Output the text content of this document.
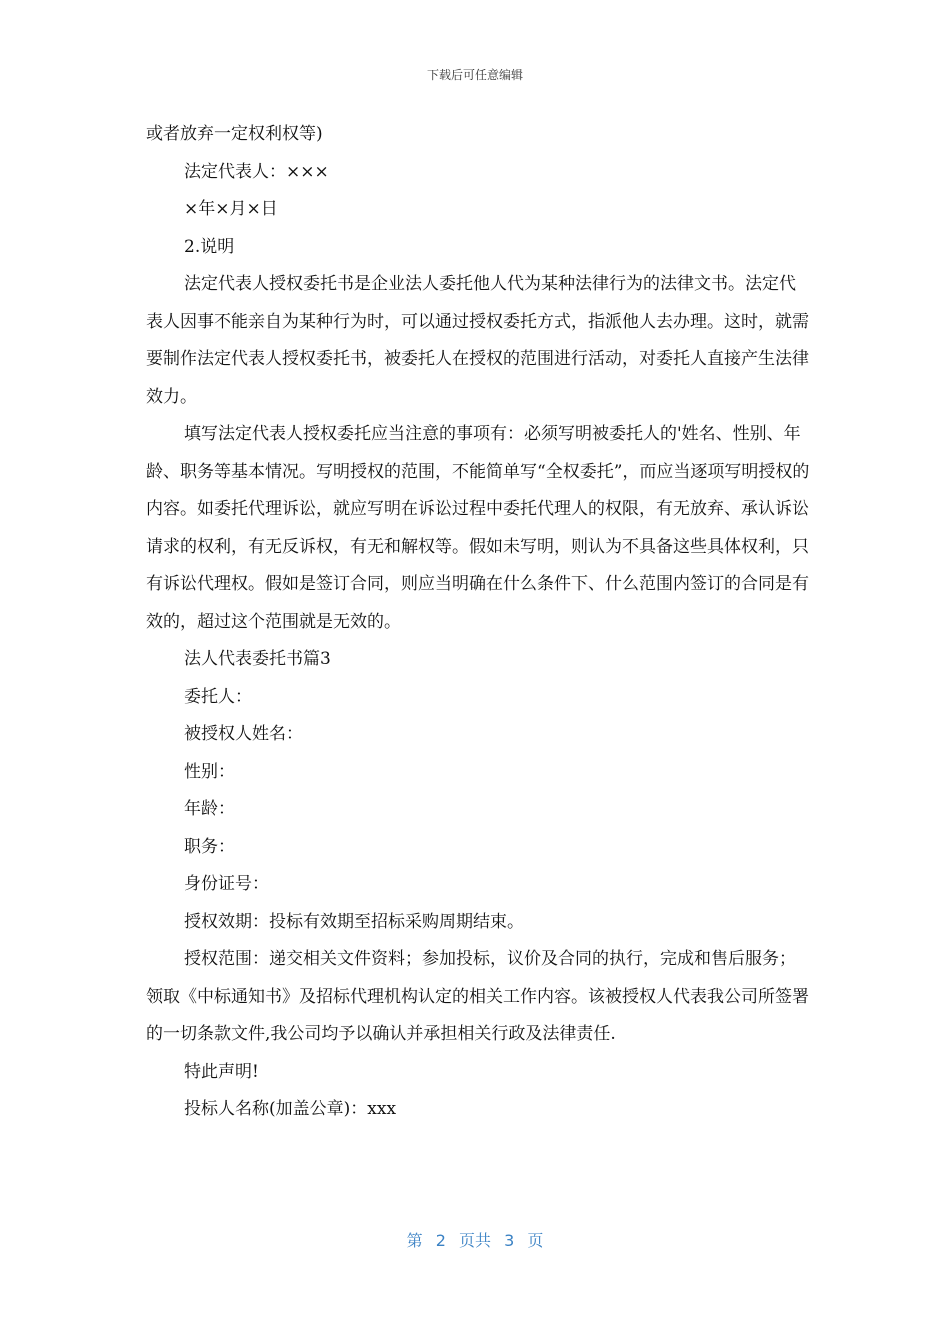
下载后可任意编辑

或者放弃一定权利权等)

法定代表人：×××

×年×月×日

2.说明

法定代表人授权委托书是企业法人委托他人代为某种法律行为的法律文书。法定代表人因事不能亲自为某种行为时，可以通过授权委托方式，指派他人去办理。这时，就需要制作法定代表人授权委托书，被委托人在授权的范围进行活动，对委托人直接产生法律效力。

填写法定代表人授权委托应当注意的事项有：必须写明被委托人的'姓名、性别、年龄、职务等基本情况。写明授权的范围，不能简单写“全权委托”，而应当逐项写明授权的内容。如委托代理诉讼，就应写明在诉讼过程中委托代理人的权限，有无放弃、承认诉讼请求的权利，有无反诉权，有无和解权等。假如未写明，则认为不具备这些具体权利，只有诉讼代理权。假如是签订合同，则应当明确在什么条件下、什么范围内签订的合同是有效的，超过这个范围就是无效的。

法人代表委托书篇3

委托人：

被授权人姓名：

性别：

年龄：

职务：

身份证号：

授权效期：投标有效期至招标采购周期结束。

授权范围：递交相关文件资料；参加投标，议价及合同的执行，完成和售后服务；领取《中标通知书》及招标代理机构认定的相关工作内容。该被授权人代表我公司所签署的一切条款文件,我公司均予以确认并承担相关行政及法律责任.

特此声明!

投标人名称(加盖公章)：xxx

第 2 页共 3 页
